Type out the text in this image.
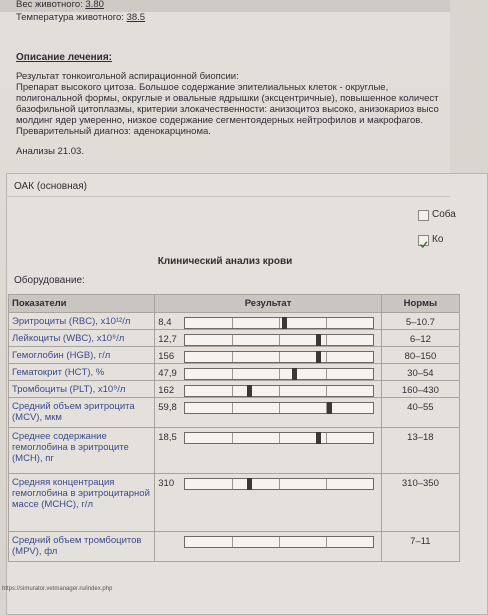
Вес животного: 3.80
Температура животного: 38.5
Описание лечения:
Результат тонкоигольной аспирационной биопсии:
Препарат высокого цитоза. Большое содержание эпителиальных клеток - округлые,
полигональной формы, округлые и овальные ядрышки (эксцентричные), повышенное количест
базофильной цитоплазмы, критерии злокачественности: анизоцитоз высоко, анизокариоз высо
молдинг ядер умеренно, низкое содержание сегментоядерных нейтрофилов и макрофагов.
Преварительный диагноз: аденокарцинома.
Анализы 21.03.
ОАК (основная)
Соба
Ко
Клинический анализ крови
Оборудование:
Показатели	Результат		Нормы
Эритроциты (RBC), x10¹²/л	8,4		5–10.7
Лейкоциты (WBC), x10⁹/л	12,7		6–12
Гемоглобин (HGB), г/л	156		80–150
Гематокрит (HCT), %	47,9		30–54
Тромбоциты (PLT), x10⁹/л	162		160–430
Средний объем эритроцита (MCV), мкм	59,8		40–55
Среднее содержание гемоглобина в эритроците (MCH), пг	18,5		13–18
Средняя концентрация гемоглобина в эритроцитарной массе (MCHC), г/л	310		310–350
Средний объем тромбоцитов (MPV), фл			7–11
https://simurator.vetmanager.ru/index.php
